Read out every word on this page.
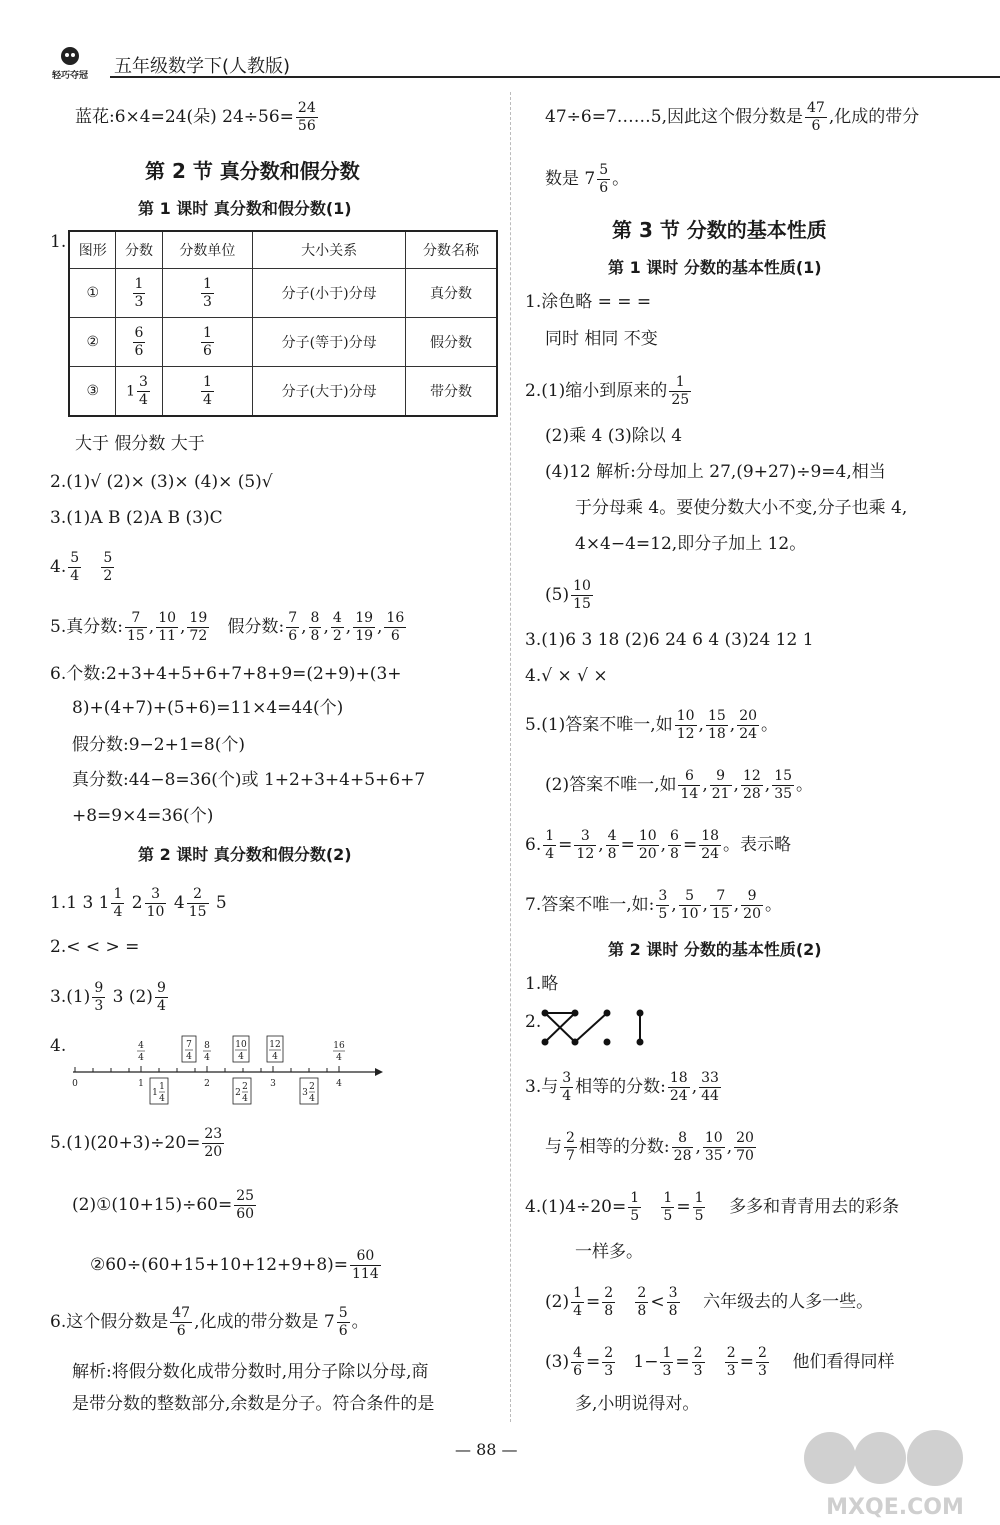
轻巧夺冠 五年级数学下(人教版)
蓝花:6×4=24(朵) $24\div 56= \frac{24}{56}$
第 2 节 真分数和假分数
第 1 课时 真分数和假分数(1)
1. 图形	分数	分数单位	大小关系	分数名称
①	$\frac{1}{3}$	$\frac{1}{3}$	分子(小于)分母	真分数
②	$\frac{6}{6}$	$\frac{1}{6}$	分子(等于)分母	假分数
③	$1 \frac{3}{4}$	$\frac{1}{4}$	分子(大于)分母	带分数
大于 假分数 大于
2.(1)√ (2)× (3)× (4)× (5)√
3.(1)A B (2)A B (3)C
4. $\frac{5}{4}$
$\frac{5}{2}$
5.真分数: $\frac{7}{15}$ , $\frac{10}{11}$ , $\frac{19}{72}$ 假分数: $\frac{7}{6}$ , $\frac{8}{8}$ , $\frac{4}{2}$ , $\frac{19}{19}$ , $\frac{16}{6}$
6.个数:2+3+4+5+6+7+8+9=(2+9)+(3+
8)+(4+7)+(5+6)=11×4=44(个)
假分数:9−2+1=8(个)
真分数:44−8=36(个)或 1+2+3+4+5+6+7
+8=9×4=36(个)
第 2 课时 真分数和假分数(2)
1.1 3 $1 \frac{1}{4} 2 \frac{3}{10} 4 \frac{2}{15} 5$
2.< < > =
$3.(1) \frac{9}{3} 3$ $(2) \frac{9}{4}$
4.
0	1	2	3	4
4
4
7
4
8
4
10
4
12
4
16
4
1
1
4
2
2
4
3
2
4
$5.(1)(20+3)\div 20= \frac{23}{20}$
(2)①(10+15)÷60= $\frac{25}{60}$
②60÷(60+15+10+12+9+8)= $\frac{60}{114}$
6.这个假分数是 $\frac{47}{6}$ ,化成的带分数是 $7 \frac{5}{6}$ 。
解析:将假分数化成带分数时,用分子除以分母,商
是带分数的整数部分,余数是分子。符合条件的是
47÷6=7……5,因此这个假分数是 $\frac{47}{6}$ ,化成的带分
数是 $7 \frac{5}{6}$ 。
第 3 节 分数的基本性质
第 1 课时 分数的基本性质(1)
1.涂色略 = = =
同时 相同 不变
2.(1)缩小到原来的 $\frac{1}{25}$
(2)乘 4 (3)除以 4
(4)12 解析:分母加上 27,(9+27)÷9=4,相当
于分母乘 4。要使分数大小不变,分子也乘 4,
4×4−4=12,即分子加上 12。
$(5) \frac{10}{15}$
3.(1)6 3 18 (2)6 24 6 4 (3)24 12 1
4.√ × √ ×
5.(1)答案不唯一,如 $\frac{10}{12}$ , $\frac{15}{18}$ , $\frac{20}{24}$ 。
(2)答案不唯一,如 $\frac{6}{14}$ , $\frac{9}{21}$ , $\frac{12}{28}$ , $\frac{15}{35}$ 。
6. $\frac{1}{4} = \frac{3}{12}$ , $\frac{4}{8} = \frac{10}{20}$ , $\frac{6}{8} = \frac{18}{24}$ 。表示略
7.答案不唯一,如: $\frac{3}{5}$ , $\frac{5}{10}$ , $\frac{7}{15}$ , $\frac{9}{20}$ 。
第 2 课时 分数的基本性质(2)
1.略
2.
3.与 $\frac{3}{4}$ 相等的分数: $\frac{18}{24}$ , $\frac{33}{44}$
与 $\frac{2}{7}$ 相等的分数: $\frac{8}{28}$ , $\frac{10}{35}$ , $\frac{20}{70}$
$4.(1)4\div 20= \frac{1}{5}$
$\frac{1}{5} = \frac{1}{5}$ 多多和青青用去的彩条
一样多。
$(2) \frac{1}{4} = \frac{2}{8}$
$\frac{2}{8} < \frac{3}{8}$ 六年级去的人多一些。
$(3) \frac{4}{6} = \frac{2}{3} 1- \frac{1}{3} = \frac{2}{3}$
$\frac{2}{3} = \frac{2}{3}$ 他们看得同样
多,小明说得对。
— 88 —
MXQE.COM
